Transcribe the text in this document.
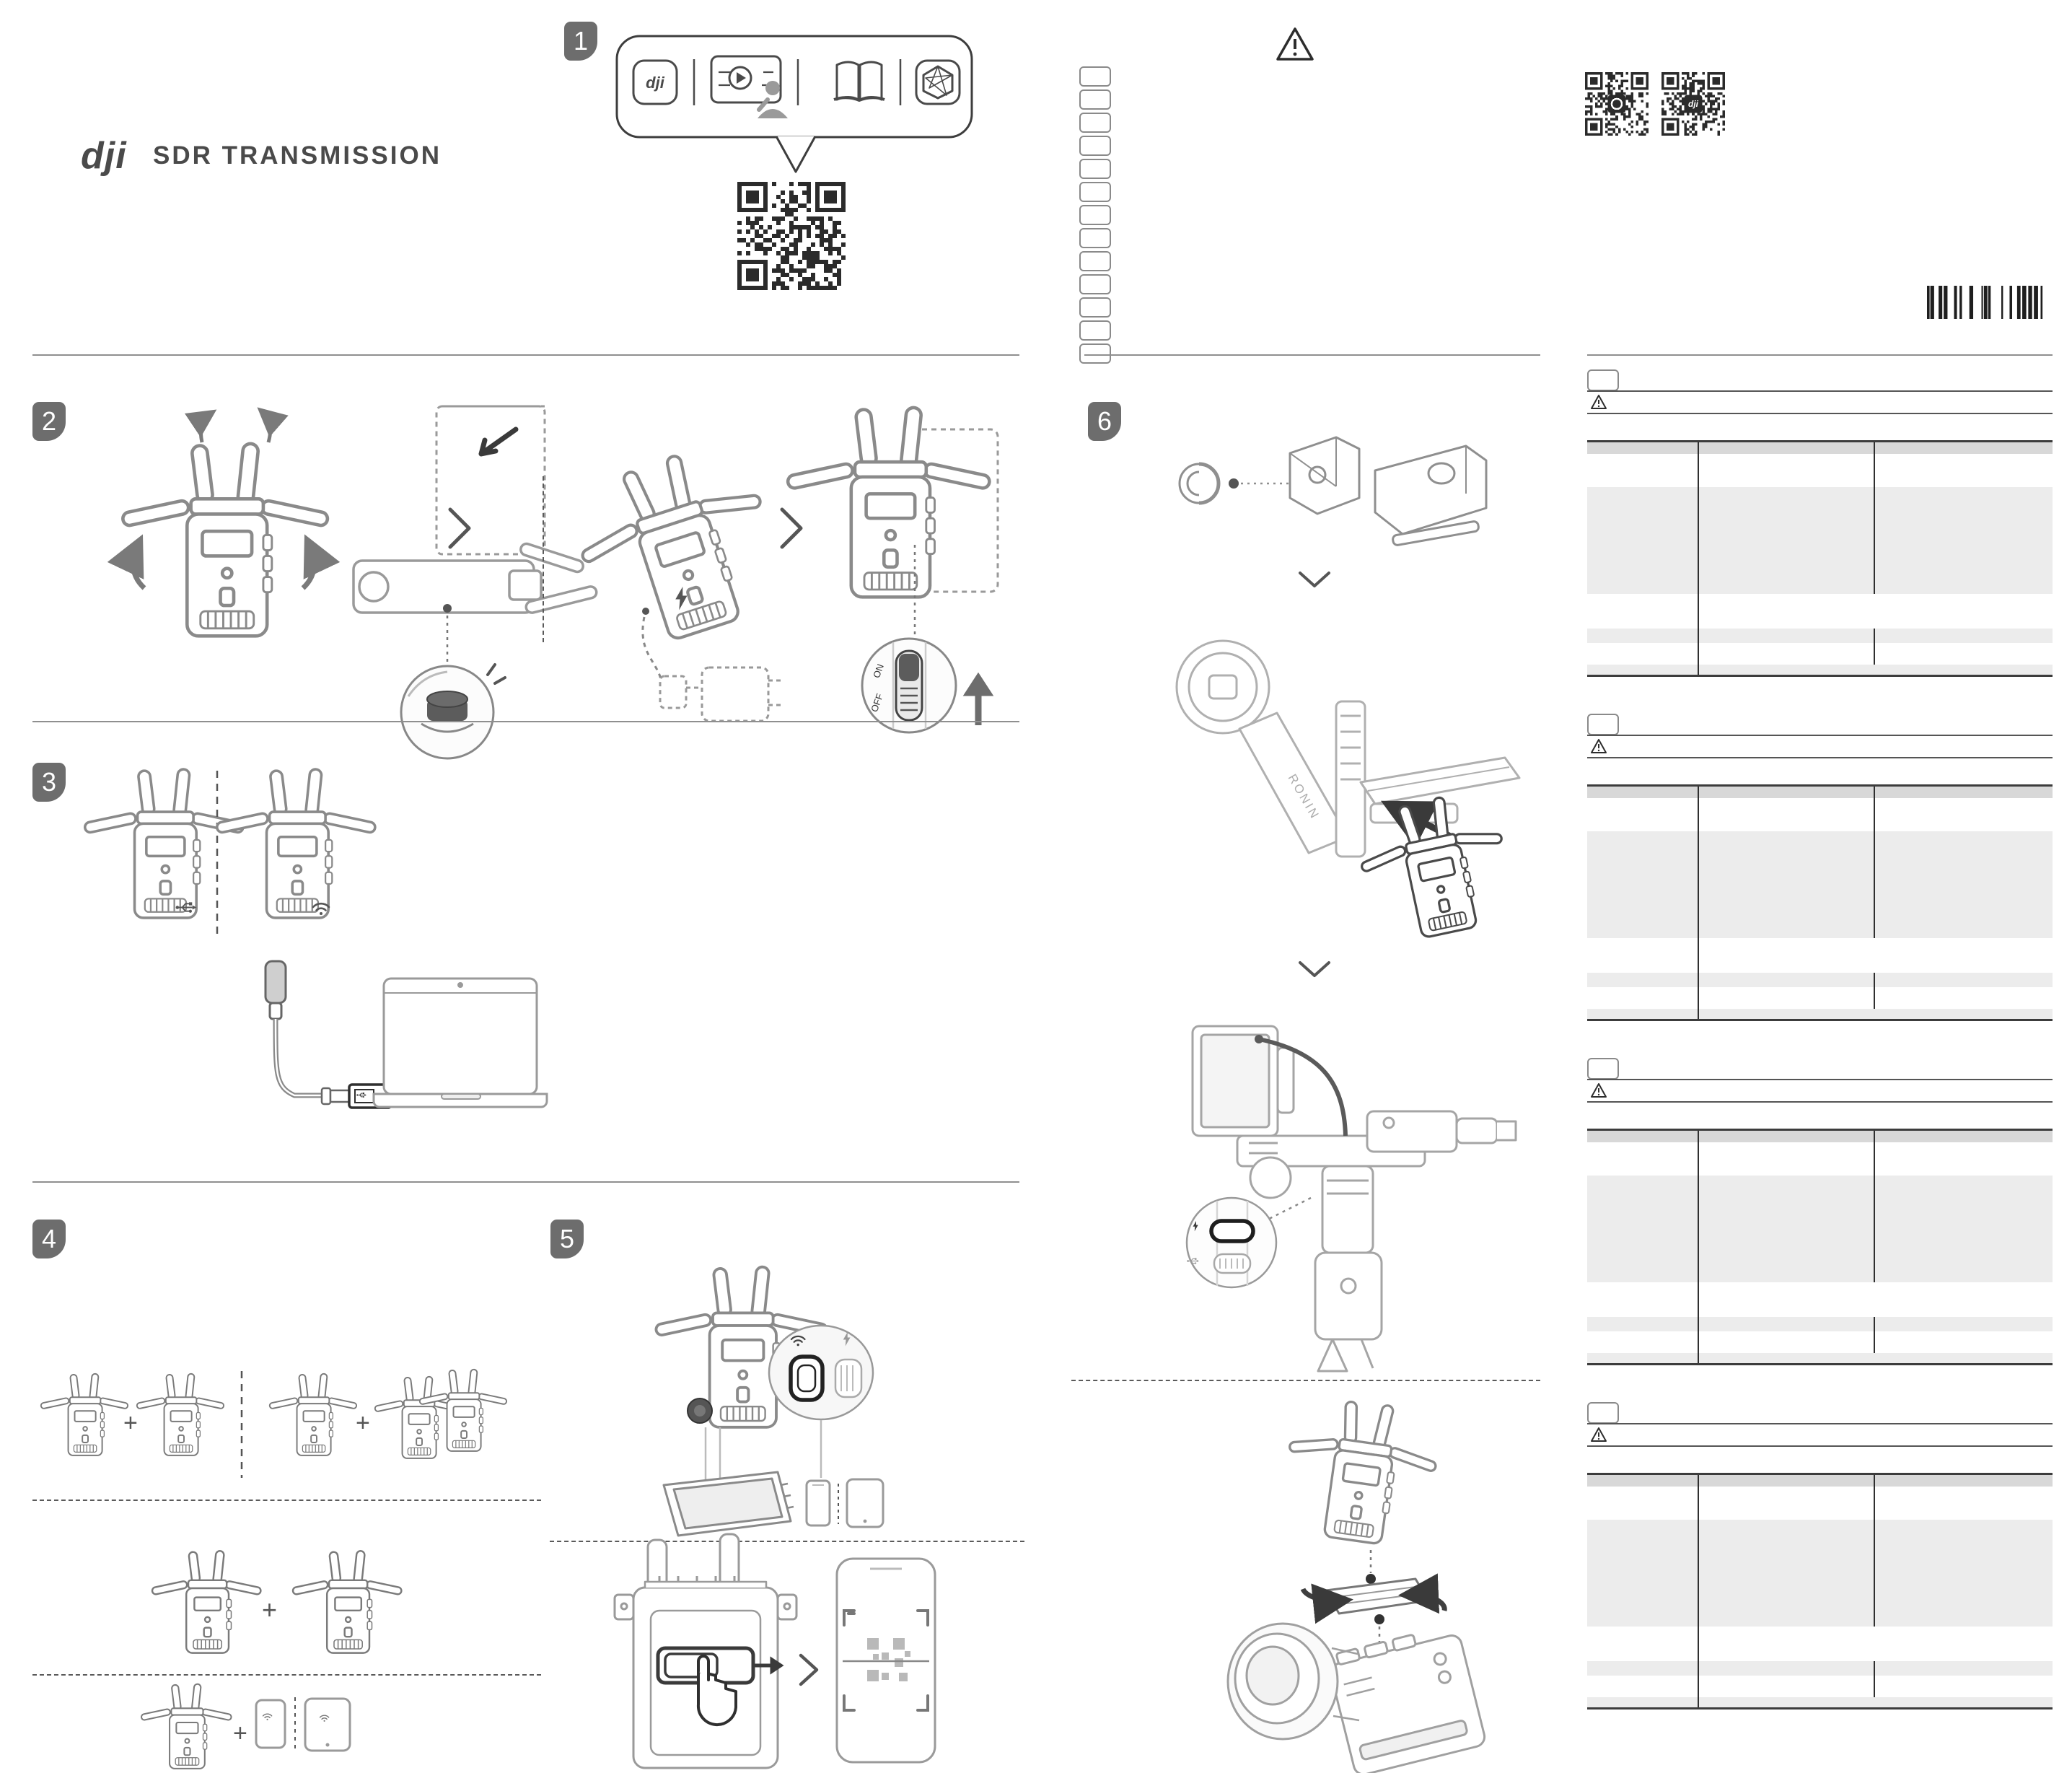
dji SDR TRANSMISSION
1
dji
dji
2
ON
OFF
3
4
+	+
+
+
5
6
RONIN
